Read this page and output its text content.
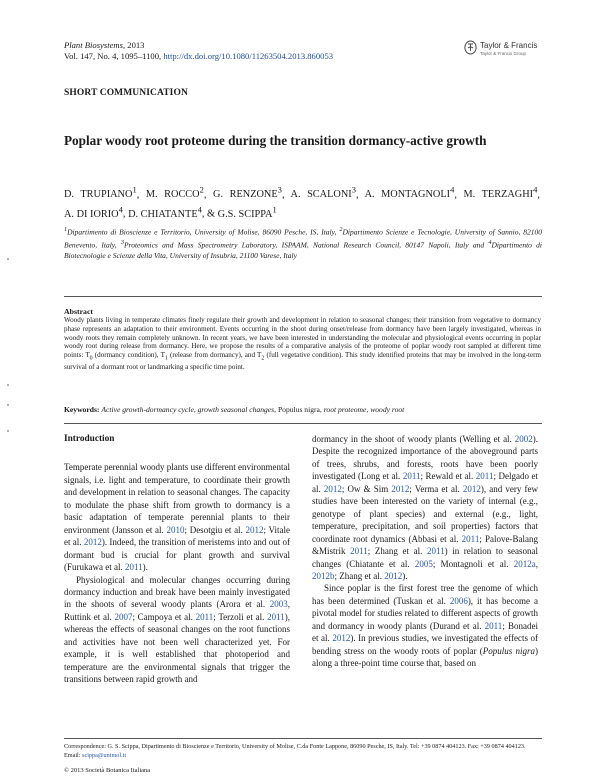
Plant Biosystems, 2013
Vol. 147, No. 4, 1095–1100, http://dx.doi.org/10.1080/11263504.2013.860053
Taylor & Francis
Taylor & Francis Group
SHORT COMMUNICATION
Poplar woody root proteome during the transition dormancy-active growth
D. TRUPIANO$^1$, M. ROCCO$^2$, G. RENZONE$^3$, A. SCALONI$^3$, A. MONTAGNOLI$^4$, M. TERZAGHI$^4$, A. DI IORIO$^4$, D. CHIATANTE$^4$, & G.S. SCIPPA$^1$
$^1$Dipartimento di Bioscienze e Territorio, University of Molise, 86090 Pesche, IS, Italy, $^2$Dipartimento Scienze e Tecnologie, University of Sannio, 82100 Benevento, Italy, $^3$Proteomics and Mass Spectrometry Laboratory, ISPAAM, National Research Council, 80147 Napoli, Italy and $^4$Dipartimento di Biotecnologie e Scienze della Vita, University of Insubria, 21100 Varese, Italy
Abstract
Woody plants living in temperate climates finely regulate their growth and development in relation to seasonal changes; their transition from vegetative to dormancy phase represents an adaptation to their environment. Events occurring in the shoot during onset/release from dormancy have been largely investigated, whereas in woody roots they remain completely unknown. In recent years, we have been interested in understanding the molecular and physiological events occurring in poplar woody root during release from dormancy. Here, we propose the results of a comparative analysis of the proteome of poplar woody root sampled at different time points: $T_0$ (dormancy condition), $T_1$ (release from dormancy), and $T_2$ (full vegetative condition). This study identified proteins that may be involved in the long-term survival of a dormant root or landmarking a specific time point.
Keywords: Active growth-dormancy cycle, growth seasonal changes, Populus nigra, root proteome, woody root

Introduction

Temperate perennial woody plants use different environmental signals, i.e. light and temperature, to coordinate their growth and development in relation to seasonal changes. The capacity to modulate the phase shift from growth to dormancy is a basic adaptation of temperate perennial plants to their environment (Jansson et al. 2010; Desotgiu et al. 2012; Vitale et al. 2012). Indeed, the transition of meristems into and out of dormant bud is crucial for plant growth and survival (Furukawa et al. 2011).

Physiological and molecular changes occurring during dormancy induction and break have been mainly investigated in the shoots of several woody plants (Arora et al. 2003, Ruttink et al. 2007; Campoya et al. 2011; Terzoli et al. 2011), whereas the effects of seasonal changes on the root functions and activities have not been well characterized yet. For example, it is well established that photoperiod and temperature are the environmental signals that trigger the transitions between rapid growth and

dormancy in the shoot of woody plants (Welling et al. 2002). Despite the recognized importance of the aboveground parts of trees, shrubs, and forests, roots have been poorly investigated (Long et al. 2011; Rewald et al. 2011; Delgado et al. 2012; Ow & Sim 2012; Verma et al. 2012), and very few studies have been interested on the variety of internal (e.g., genotype of plant species) and external (e.g., light, temperature, precipitation, and soil properties) factors that coordinate root dynamics (Abbasi et al. 2011; Palove-Balang &Mistrik 2011; Zhang et al. 2011) in relation to seasonal changes (Chiatante et al. 2005; Montagnoli et al. 2012a, 2012b; Zhang et al. 2012).

Since poplar is the first forest tree the genome of which has been determined (Tuskan et al. 2006), it has become a pivotal model for studies related to different aspects of growth and dormancy in woody plants (Durand et al. 2011; Bonadei et al. 2012). In previous studies, we investigated the effects of bending stress on the woody roots of poplar (Populus nigra) along a three-point time course that, based on

Correspondence: G. S. Scippa, Dipartimento di Bioscienze e Territorio, University of Molise, C.da Fonte Lappone, 86090 Pesche, IS, Italy. Tel: +39 0874 404123. Fax: +39 0874 404123. Email: scippa@unimol.it
© 2013 Società Botanica Italiana
